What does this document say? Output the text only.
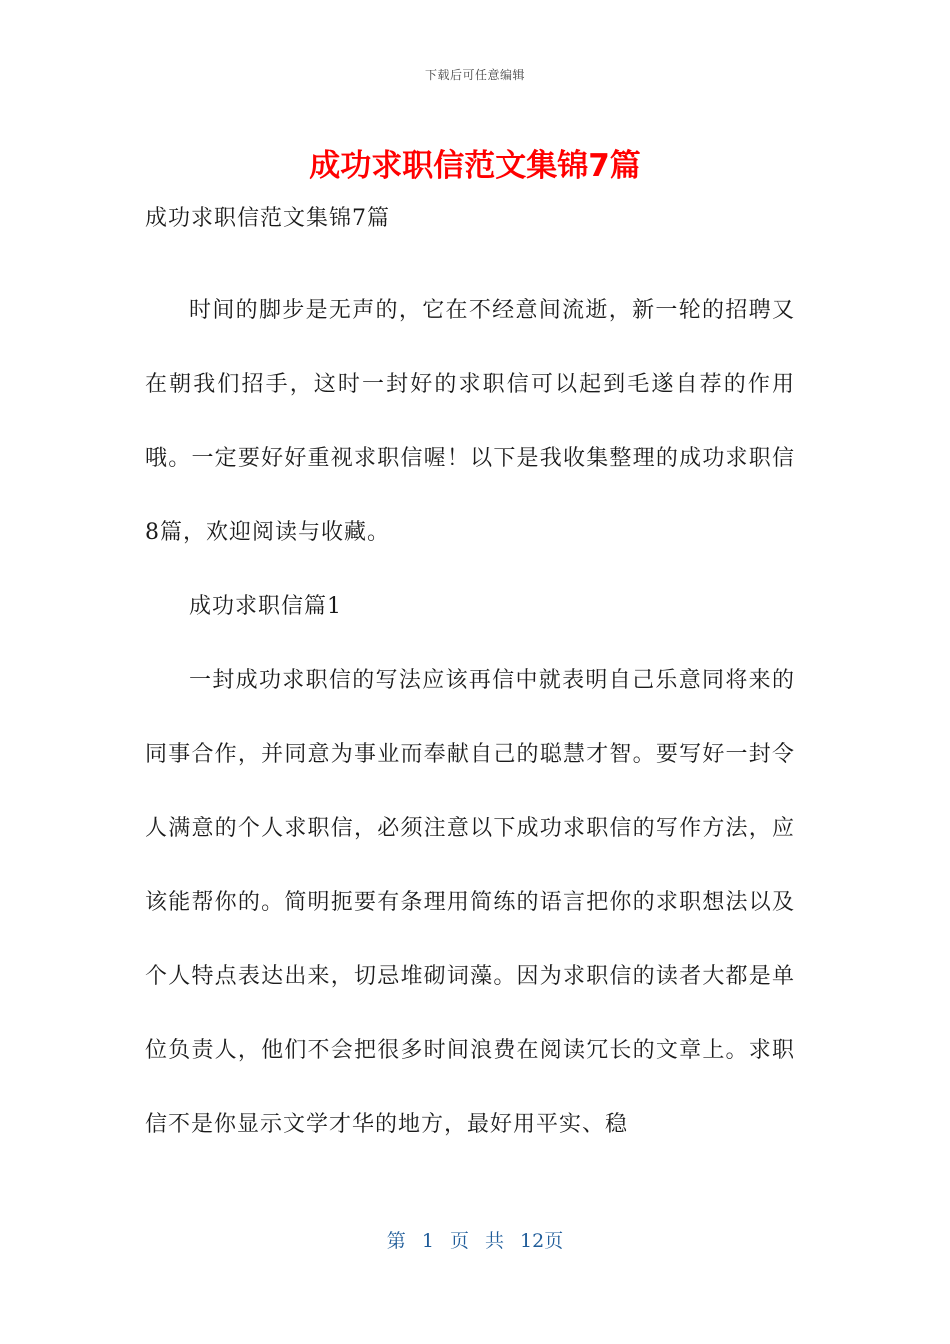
下载后可任意编辑
成功求职信范文集锦7篇

成功求职信范文集锦7篇

时间的脚步是无声的，它在不经意间流逝，新一轮的招聘又在朝我们招手，这时一封好的求职信可以起到毛遂自荐的作用哦。一定要好好重视求职信喔！以下是我收集整理的成功求职信8篇，欢迎阅读与收藏。

成功求职信篇1

一封成功求职信的写法应该再信中就表明自己乐意同将来的同事合作，并同意为事业而奉献自己的聪慧才智。要写好一封令人满意的个人求职信，必须注意以下成功求职信的写作方法，应该能帮你的。简明扼要有条理用简练的语言把你的求职想法以及个人特点表达出来，切忌堆砌词藻。因为求职信的读者大都是单位负责人，他们不会把很多时间浪费在阅读冗长的文章上。求职信不是你显示文学才华的地方，最好用平实、稳

第 1 页 共 12页
